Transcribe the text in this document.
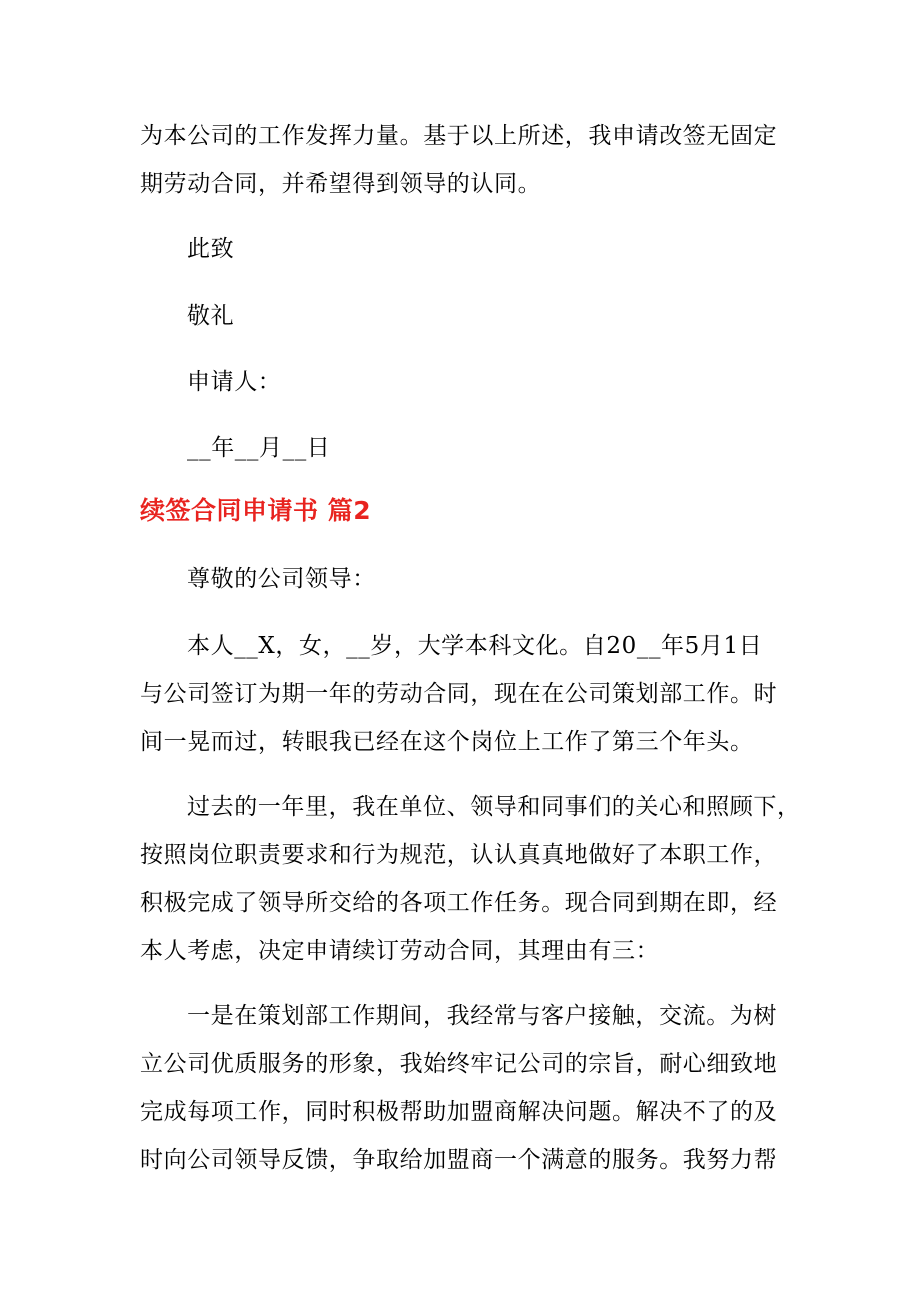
为本公司的工作发挥力量。基于以上所述，我申请改签无固定
期劳动合同，并希望得到领导的认同。
此致
敬礼
申请人：
__年__月__日
续签合同申请书 篇2
尊敬的公司领导：
本人__X，女，__岁，大学本科文化。自20__年5月1日
与公司签订为期一年的劳动合同，现在在公司策划部工作。时
间一晃而过，转眼我已经在这个岗位上工作了第三个年头。
过去的一年里，我在单位、领导和同事们的关心和照顾下，
按照岗位职责要求和行为规范，认认真真地做好了本职工作，
积极完成了领导所交给的各项工作任务。现合同到期在即，经
本人考虑，决定申请续订劳动合同，其理由有三：
一是在策划部工作期间，我经常与客户接触，交流。为树
立公司优质服务的形象，我始终牢记公司的宗旨，耐心细致地
完成每项工作，同时积极帮助加盟商解决问题。解决不了的及
时向公司领导反馈，争取给加盟商一个满意的服务。我努力帮
